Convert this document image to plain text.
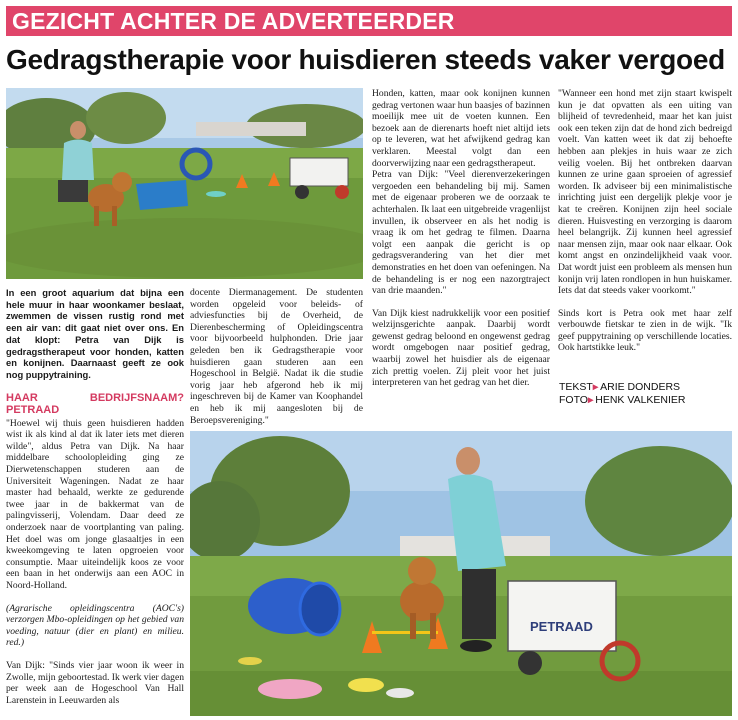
GEZICHT ACHTER DE ADVERTEERDER
Gedragstherapie voor huisdieren steeds vaker vergoed

In een groot aquarium dat bijna een hele muur in haar woonkamer beslaat, zwemmen de vissen rustig rond met een air van: dit gaat niet over ons. En dat klopt: Petra van Dijk is gedragstherapeut voor honden, katten en konijnen. Daarnaast geeft ze ook nog puppytraining.

HAAR BEDRIJFSNAAM? PETRAAD

"Hoewel wij thuis geen huisdieren hadden wist ik als kind al dat ik later iets met dieren wilde", aldus Petra van Dijk. Na haar middelbare schoolopleiding ging ze Dierwetenschappen studeren aan de Universiteit Wageningen. Nadat ze haar master had behaald, werkte ze gedurende twee jaar in de bakkermat van de palingvisserij, Volendam. Daar deed ze onderzoek naar de voortplanting van paling. Het doel was om jonge glasaaltjes in een kweekomgeving te laten opgroeien voor consumptie. Maar uiteindelijk koos ze voor een baan in het onderwijs aan een AOC in Noord-Holland.

(Agrarische opleidingscentra (AOC's) verzorgen Mbo-opleidingen op het gebied van voeding, natuur (dier en plant) en milieu. red.)

Van Dijk: "Sinds vier jaar woon ik weer in Zwolle, mijn geboortestad. Ik werk vier dagen per week aan de Hogeschool Van Hall Larenstein in Leeuwarden als

docente Diermanagement. De studenten worden opgeleid voor beleids- of adviesfuncties bij de Overheid, de Dierenbescherming of Opleidingscentra voor bijvoorbeeld hulphonden. Drie jaar geleden ben ik Gedragstherapie voor huisdieren gaan studeren aan een Hogeschool in België. Nadat ik die studie vorig jaar heb afgerond heb ik mij ingeschreven bij de Kamer van Koophandel en heb ik mij aangesloten bij de Beroepsvereniging."

Honden, katten, maar ook konijnen kunnen gedrag vertonen waar hun baasjes of bazinnen moeilijk mee uit de voeten kunnen. Een bezoek aan de dierenarts hoeft niet altijd iets op te leveren, wat het afwijkend gedrag kan verklaren. Meestal volgt dan een doorverwijzing naar een gedragstherapeut.

Petra van Dijk: "Veel dierenverzekeringen vergoeden een behandeling bij mij. Samen met de eigenaar proberen we de oorzaak te achterhalen. Ik laat een uitgebreide vragenlijst invullen, ik observeer en als het nodig is vraag ik om het gedrag te filmen. Daarna volgt een aanpak die gericht is op gedragsverandering van het dier met demonstraties en het doen van oefeningen. Na de behandeling is er nog een nazorgtraject van drie maanden."

Van Dijk kiest nadrukkelijk voor een positief welzijnsgerichte aanpak. Daarbij wordt gewenst gedrag beloond en ongewenst gedrag wordt omgebogen naar positief gedrag, waarbij zowel het huisdier als de eigenaar zich prettig voelen. Zij pleit voor het juist interpreteren van het gedrag van het dier.

"Wanneer een hond met zijn staart kwispelt kun je dat opvatten als een uiting van blijheid of tevredenheid, maar het kan juist ook een teken zijn dat de hond zich bedreigd voelt. Van katten weet ik dat zij behoefte hebben aan plekjes in huis waar ze zich veilig voelen. Bij het ontbreken daarvan kunnen ze urine gaan sproeien of agressief worden. Ik adviseer bij een minimalistische inrichting juist een dergelijk plekje voor je kat te creëren. Konijnen zijn heel sociale dieren. Huisvesting en verzorging is daarom heel belangrijk. Zij kunnen heel agressief naar mensen zijn, maar ook naar elkaar. Ook komt angst en onzindelijkheid vaak voor. Dat wordt juist een probleem als mensen hun konijn vrij laten rondlopen in hun huiskamer. Iets dat dat steeds vaker voorkomt."

Sinds kort is Petra ook met haar zelf verbouwde fietskar te zien in de wijk. "Ik geef puppytraining op verschillende locaties. Ook hartstikke leuk."

TEKST▸ ARIE DONDERS
FOTO▸ HENK VALKENIER
PETRAAD
